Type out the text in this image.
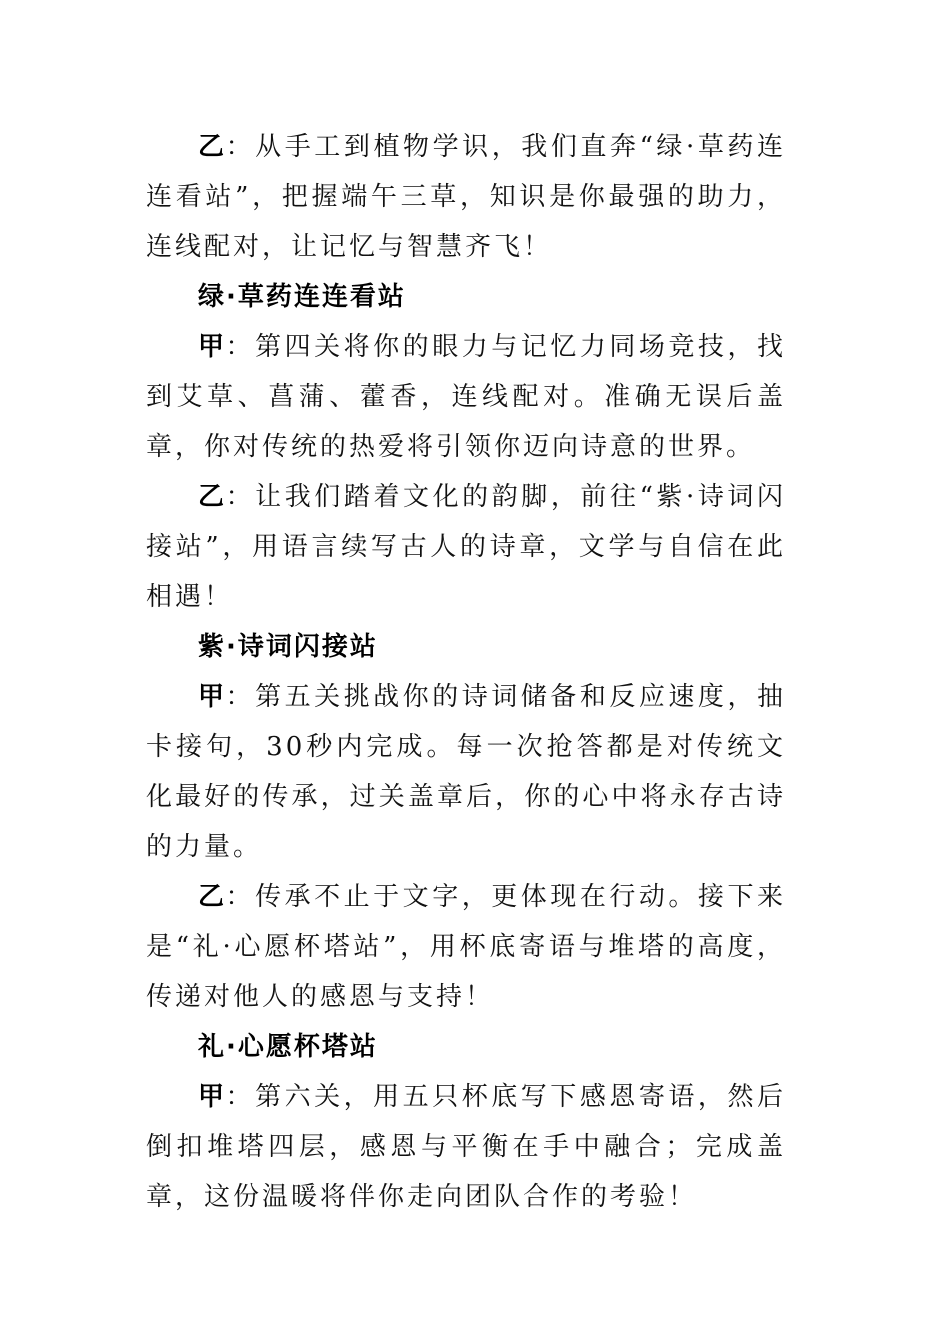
乙：从手工到植物学识，我们直奔“绿·草药连连看站”，把握端午三草，知识是你最强的助力，连线配对，让记忆与智慧齐飞！

绿·草药连连看站

甲：第四关将你的眼力与记忆力同场竞技，找到艾草、菖蒲、藿香，连线配对。准确无误后盖章，你对传统的热爱将引领你迈向诗意的世界。

乙：让我们踏着文化的韵脚，前往“紫·诗词闪接站”，用语言续写古人的诗章，文学与自信在此相遇！

紫·诗词闪接站

甲：第五关挑战你的诗词储备和反应速度，抽卡接句，30秒内完成。每一次抢答都是对传统文化最好的传承，过关盖章后，你的心中将永存古诗的力量。

乙：传承不止于文字，更体现在行动。接下来是“礼·心愿杯塔站”，用杯底寄语与堆塔的高度，传递对他人的感恩与支持！

礼·心愿杯塔站

甲：第六关，用五只杯底写下感恩寄语，然后倒扣堆塔四层，感恩与平衡在手中融合；完成盖章，这份温暖将伴你走向团队合作的考验！
